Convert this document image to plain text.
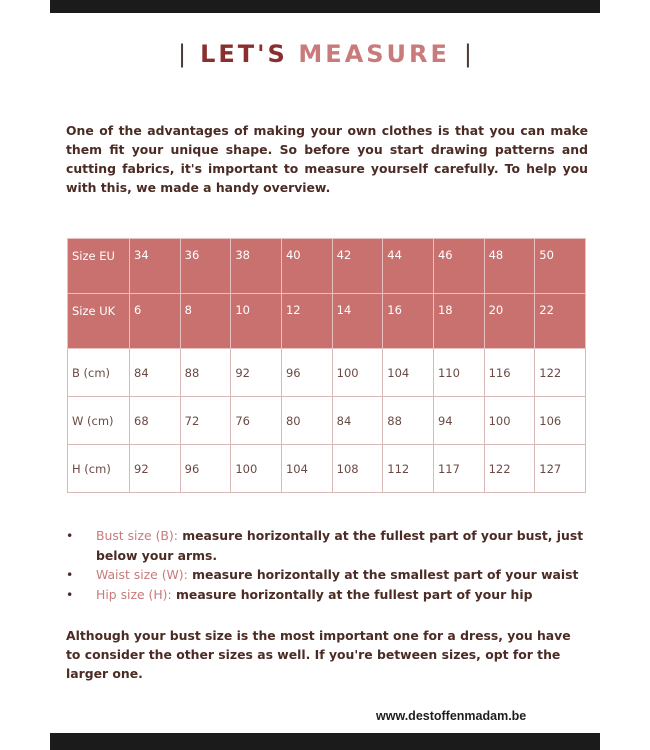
| LET'S MEASURE |
One of the advantages of making your own clothes is that you can make them fit your unique shape. So before you start drawing patterns and cutting fabrics, it's important to measure yourself carefully. To help you with this, we made a handy overview.
Size EU	34	36	38	40	42	44	46	48	50
Size UK	6	8	10	12	14	16	18	20	22
B (cm)	84	88	92	96	100	104	110	116	122
W (cm)	68	72	76	80	84	88	94	100	106
H (cm)	92	96	100	104	108	112	117	122	127
• Bust size (B): measure horizontally at the fullest part of your bust, just below your arms.
• Waist size (W): measure horizontally at the smallest part of your waist
• Hip size (H): measure horizontally at the fullest part of your hip
Although your bust size is the most important one for a dress, you have to consider the other sizes as well. If you're between sizes, opt for the larger one.
www.destoffenmadam.be
